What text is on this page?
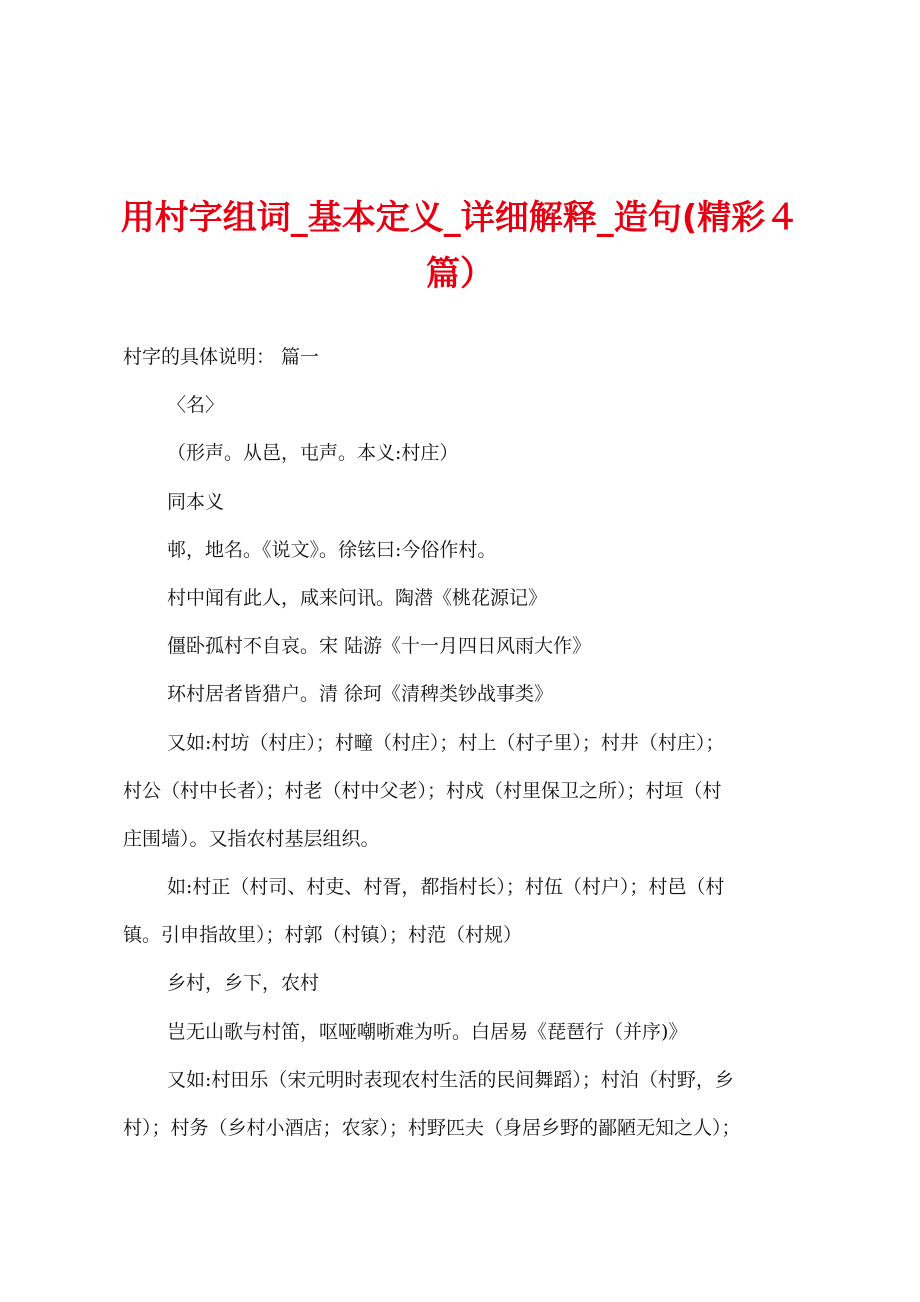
用村字组词_基本定义_详细解释_造句(精彩４篇）

村字的具体说明： 篇一

〈名〉

（形声。从邑，屯声。本义:村庄）

同本义

邨，地名。《说文》。徐铉曰:今俗作村。

村中闻有此人，咸来问讯。陶潜《桃花源记》

僵卧孤村不自哀。宋 陆游《十一月四日风雨大作》

环村居者皆猎户。清 徐珂《清稗类钞战事类》

又如:村坊（村庄）；村疃（村庄）；村上（村子里）；村井（村庄）；

村公（村中长者）；村老（村中父老）；村戍（村里保卫之所）；村垣（村

庄围墙）。又指农村基层组织。

如:村正（村司、村吏、村胥，都指村长）；村伍（村户）；村邑（村

镇。引申指故里）；村郭（村镇）；村范（村规）

乡村，乡下，农村

岂无山歌与村笛，呕哑嘲哳难为听。白居易《琵琶行（并序)》

又如:村田乐（宋元明时表现农村生活的民间舞蹈）；村泊（村野，乡

村）；村务（乡村小酒店；农家）；村野匹夫（身居乡野的鄙陋无知之人）；
